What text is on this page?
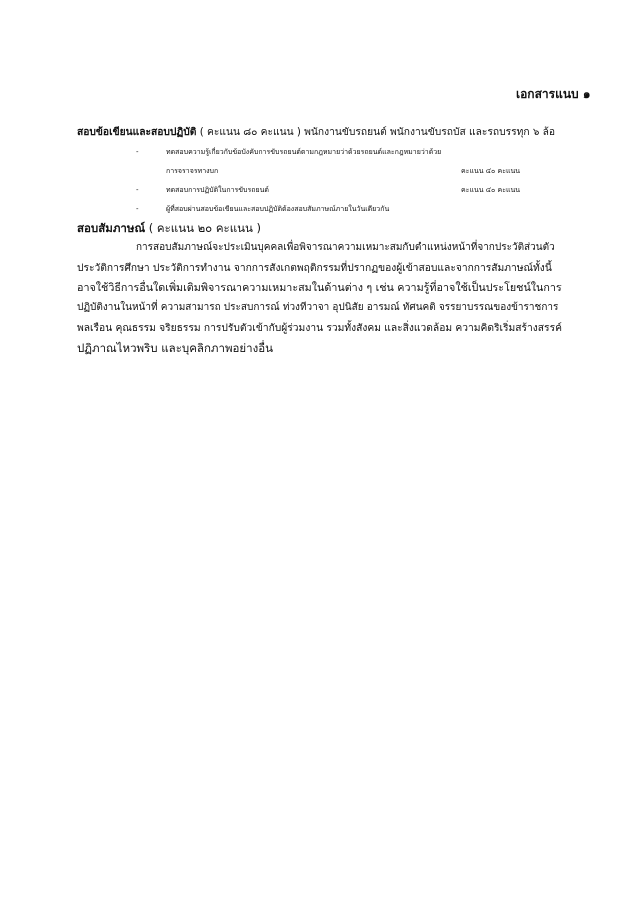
เอกสารแนบ ๑
สอบข้อเขียนและสอบปฏิบัติ ( คะแนน ๘๐ คะแนน ) พนักงานขับรถยนต์ พนักงานขับรถบัส และรถบรรทุก ๖ ล้อ
-	ทดสอบความรู้เกี่ยวกับข้อบังคับการขับรถยนต์ตามกฎหมายว่าด้วยรถยนต์และกฎหมายว่าด้วย
การจราจรทางบก	คะแนน ๔๐ คะแนน
-	ทดสอบการปฏิบัติในการขับรถยนต์	คะแนน ๔๐ คะแนน
-	ผู้ที่สอบผ่านสอบข้อเขียนและสอบปฏิบัติต้องสอบสัมภาษณ์ภายในวันเดียวกัน
สอบสัมภาษณ์ ( คะแนน ๒๐ คะแนน )
การสอบสัมภาษณ์จะประเมินบุคคลเพื่อพิจารณาความเหมาะสมกับตำแหน่งหน้าที่จากประวัติส่วนตัว
ประวัติการศึกษา ประวัติการทำงาน จากการสังเกตพฤติกรรมที่ปรากฏของผู้เข้าสอบและจากการสัมภาษณ์ทั้งนี้
อาจใช้วิธีการอื่นใดเพิ่มเติมพิจารณาความเหมาะสมในด้านต่าง ๆ เช่น ความรู้ที่อาจใช้เป็นประโยชน์ในการ
ปฏิบัติงานในหน้าที่ ความสามารถ ประสบการณ์ ท่วงทีวาจา อุปนิสัย อารมณ์ ทัศนคติ จรรยาบรรณของข้าราชการ
พลเรือน คุณธรรม จริยธรรม การปรับตัวเข้ากับผู้ร่วมงาน รวมทั้งสังคม และสิ่งแวดล้อม ความคิดริเริ่มสร้างสรรค์
ปฏิภาณไหวพริบ และบุคลิกภาพอย่างอื่น
